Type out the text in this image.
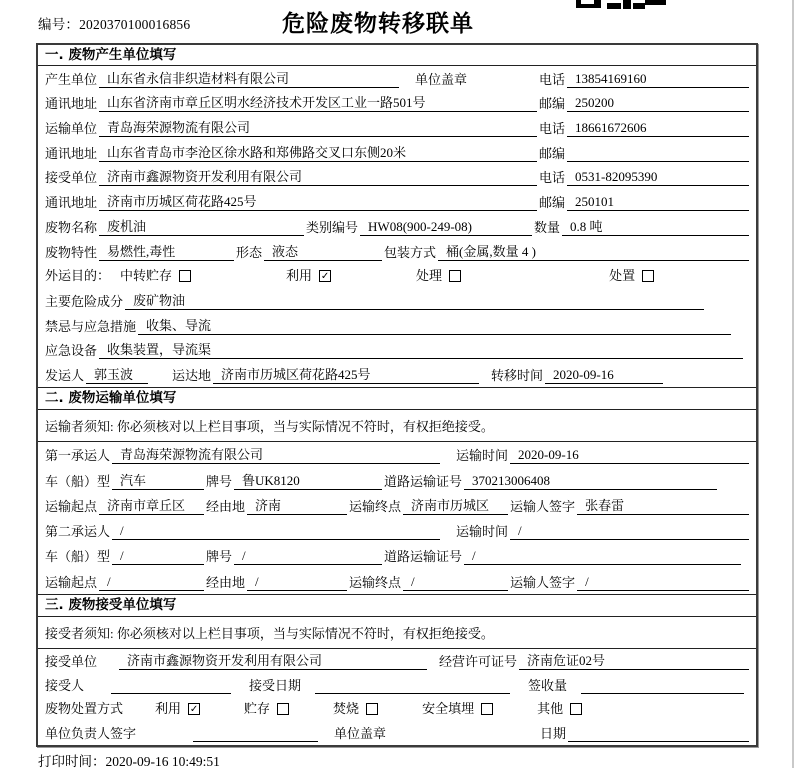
编号：2020370100016856	危险废物转移联单
一. 废物产生单位填写
产生单位 山东省永信非织造材料有限公司	单位盖章	电话 13854169160
通讯地址 山东省济南市章丘区明水经济技术开发区工业一路501号	邮编 250200
运输单位 青岛海荣源物流有限公司	电话 18661672606
通讯地址 山东省青岛市李沧区徐水路和郑佛路交叉口东侧20米	邮编
接受单位 济南市鑫源物资开发利用有限公司	电话 0531-82095390
通讯地址 济南市历城区荷花路425号	邮编 250101
废物名称 废机油	类别编号 HW08(900-249-08)	数量 0.8 吨
废物特性 易燃性,毒性	形态 液态	包装方式 桶(金属,数量 4 )
外运目的： 中转贮存	利用 ✓	处理	处置
主要危险成分 废矿物油
禁忌与应急措施 收集、导流
应急设备 收集装置，导流渠
发运人 郭玉波	运达地 济南市历城区荷花路425号	转移时间 2020-09-16
二. 废物运输单位填写
运输者须知: 你必须核对以上栏目事项，当与实际情况不符时，有权拒绝接受。
第一承运人 青岛海荣源物流有限公司	运输时间 2020-09-16
车（船）型 汽车	牌号 鲁UK8120	道路运输证号 370213006408
运输起点 济南市章丘区	经由地 济南	运输终点 济南市历城区	运输人签字 张春雷
第二承运人 /	运输时间 /
车（船）型 /	牌号 /	道路运输证号 /
运输起点 /	经由地 /	运输终点 /	运输人签字 /
三. 废物接受单位填写
接受者须知: 你必须核对以上栏目事项，当与实际情况不符时，有权拒绝接受。
接受单位	济南市鑫源物资开发利用有限公司	经营许可证号 济南危证02号
接受人	接受日期	签收量
废物处置方式 利用 ✓	贮存	焚烧	安全填埋	其他
单位负责人签字	单位盖章	日期
打印时间：2020-09-16 10:49:51
